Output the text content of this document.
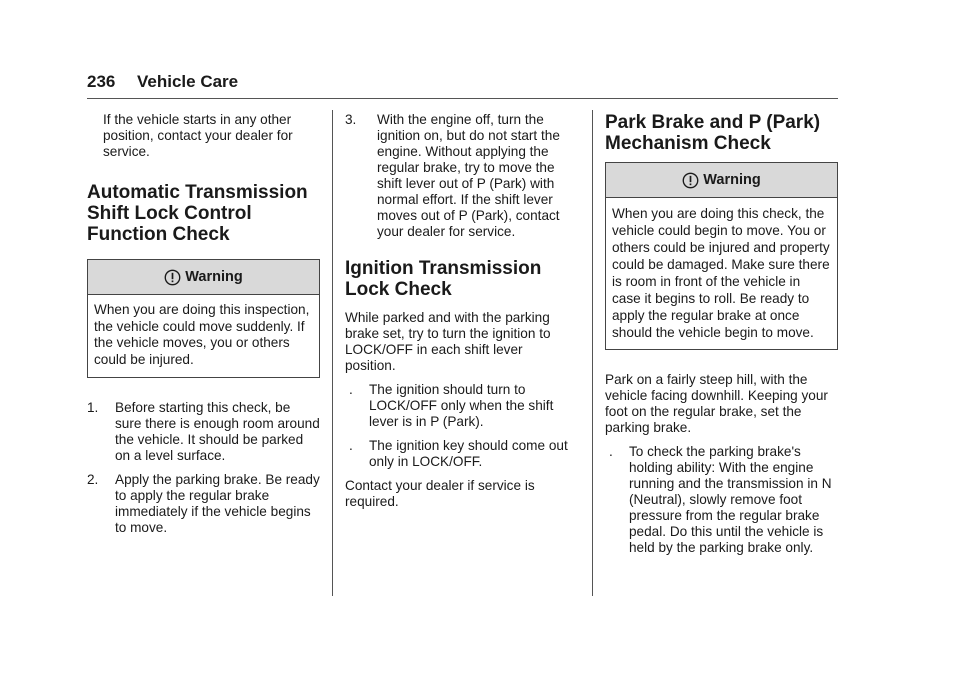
236 Vehicle Care

If the vehicle starts in any other position, contact your dealer for service.

Automatic Transmission
Shift Lock Control
Function Check
Warning
When you are doing this inspection, the vehicle could move suddenly. If the vehicle moves, you or others could be injured.
1.	Before starting this check, be sure there is enough room around the vehicle. It should be parked on a level surface.
2.	Apply the parking brake. Be ready to apply the regular brake immediately if the vehicle begins to move.
3.	With the engine off, turn the ignition on, but do not start the engine. Without applying the regular brake, try to move the shift lever out of P (Park) with normal effort. If the shift lever moves out of P (Park), contact your dealer for service.
Ignition Transmission
Lock Check

While parked and with the parking brake set, try to turn the ignition to LOCK/OFF in each shift lever position.

.	The ignition should turn to LOCK/OFF only when the shift lever is in P (Park).
.	The ignition key should come out only in LOCK/OFF.

Contact your dealer if service is required.

Park Brake and P (Park)
Mechanism Check
Warning
When you are doing this check, the vehicle could begin to move. You or others could be injured and property could be damaged. Make sure there is room in front of the vehicle in case it begins to roll. Be ready to apply the regular brake at once should the vehicle begin to move.

Park on a fairly steep hill, with the vehicle facing downhill. Keeping your foot on the regular brake, set the parking brake.

.	To check the parking brake's holding ability: With the engine running and the transmission in N (Neutral), slowly remove foot pressure from the regular brake pedal. Do this until the vehicle is held by the parking brake only.
